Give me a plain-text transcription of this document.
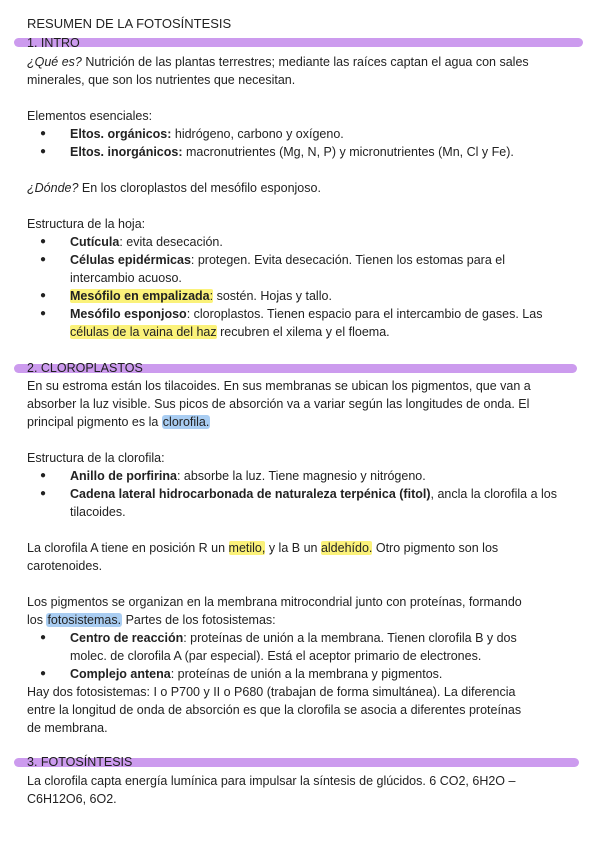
RESUMEN DE LA FOTOSÍNTESIS
1. INTRO
¿Qué es? Nutrición de las plantas terrestres; mediante las raíces captan el agua con sales
minerales, que son los nutrientes que necesitan.
Elementos esenciales:
● Eltos. orgánicos: hidrógeno, carbono y oxígeno.
● Eltos. inorgánicos: macronutrientes (Mg, N, P) y micronutrientes (Mn, Cl y Fe).
¿Dónde? En los cloroplastos del mesófilo esponjoso.
Estructura de la hoja:
● Cutícula: evita desecación.
● Células epidérmicas: protegen. Evita desecación. Tienen los estomas para el
intercambio acuoso.
● Mesófilo en empalizada: sostén. Hojas y tallo.
● Mesófilo esponjoso: cloroplastos. Tienen espacio para el intercambio de gases. Las
células de la vaina del haz recubren el xilema y el floema.
2. CLOROPLASTOS
En su estroma están los tilacoides. En sus membranas se ubican los pigmentos, que van a
absorber la luz visible. Sus picos de absorción va a variar según las longitudes de onda. El
principal pigmento es la clorofila.
Estructura de la clorofila:
● Anillo de porfirina: absorbe la luz. Tiene magnesio y nitrógeno.
● Cadena lateral hidrocarbonada de naturaleza terpénica (fitol), ancla la clorofila a los
tilacoides.
La clorofila A tiene en posición R un metilo, y la B un aldehído. Otro pigmento son los
carotenoides.
Los pigmentos se organizan en la membrana mitrocondrial junto con proteínas, formando
los fotosistemas. Partes de los fotosistemas:
● Centro de reacción: proteínas de unión a la membrana. Tienen clorofila B y dos
molec. de clorofila A (par especial). Está el aceptor primario de electrones.
● Complejo antena: proteínas de unión a la membrana y pigmentos.
Hay dos fotosistemas: I o P700 y II o P680 (trabajan de forma simultánea). La diferencia
entre la longitud de onda de absorción es que la clorofila se asocia a diferentes proteínas
de membrana.
3. FOTOSÍNTESIS
La clorofila capta energía lumínica para impulsar la síntesis de glúcidos. 6 CO2, 6H2O –
C6H12O6, 6O2.
